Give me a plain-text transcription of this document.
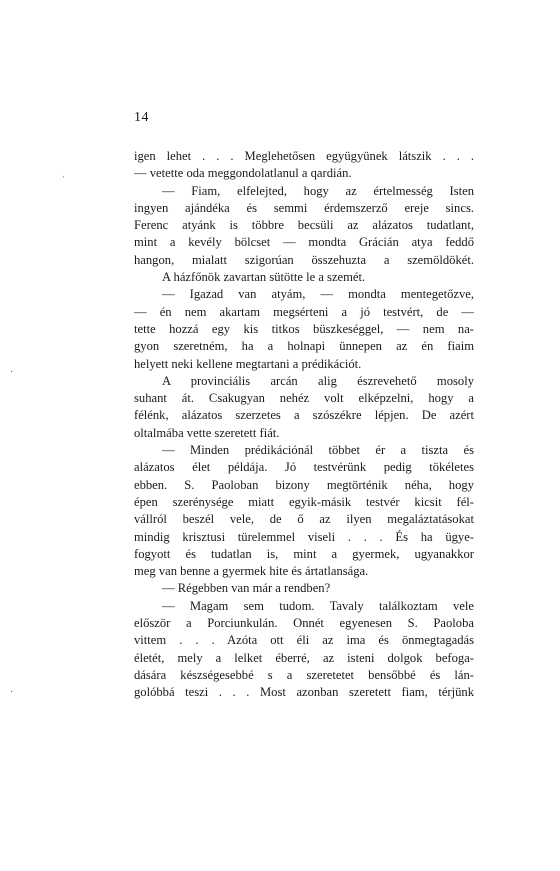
14
ˌ
·
·
igen lehet . . . Meglehetősen együgyünek látszik . . .
— vetette oda meggondolatlanul a qardián.
— Fiam, elfelejted, hogy az értelmesség Isten
ingyen ajándéka és semmi érdemszerző ereje sincs.
Ferenc atyánk is többre becsüli az alázatos tudatlant,
mint a kevély bölcset — mondta Grácián atya feddő
hangon, mialatt szigorúan összehuzta a szemöldökét.
A házfőnök zavartan sütötte le a szemét.
— Igazad van atyám, — mondta mentegetőzve,
— én nem akartam megsérteni a jó testvért, de —
tette hozzá egy kis titkos büszkeséggel, — nem na-
gyon szeretném, ha a holnapi ünnepen az én fiaim
helyett neki kellene megtartani a prédikációt.
A provinciális arcán alig észrevehető mosoly
suhant át. Csakugyan nehéz volt elképzelni, hogy a
félénk, alázatos szerzetes a szószékre lépjen. De azért
oltalmába vette szeretett fiát.
— Minden prédikációnál többet ér a tiszta és
alázatos élet példája. Jó testvérünk pedig tökéletes
ebben. S. Paoloban bizony megtörténik néha, hogy
épen szerénysége miatt egyik-másik testvér kicsit fél-
vállról beszél vele, de ő az ilyen megaláztatásokat
mindig krisztusi türelemmel viseli . . . És ha ügye-
fogyott és tudatlan is, mint a gyermek, ugyanakkor
meg van benne a gyermek hite és ártatlansága.
— Régebben van már a rendben?
— Magam sem tudom. Tavaly találkoztam vele
először a Porciunkulán. Onnét egyenesen S. Paoloba
vittem . . . Azóta ott éli az ima és önmegtagadás
életét, mely a lelket éberré, az isteni dolgok befoga-
dására készségesebbé s a szeretetet bensőbbé és lán-
golóbbá teszi . . . Most azonban szeretett fiam, térjünk
